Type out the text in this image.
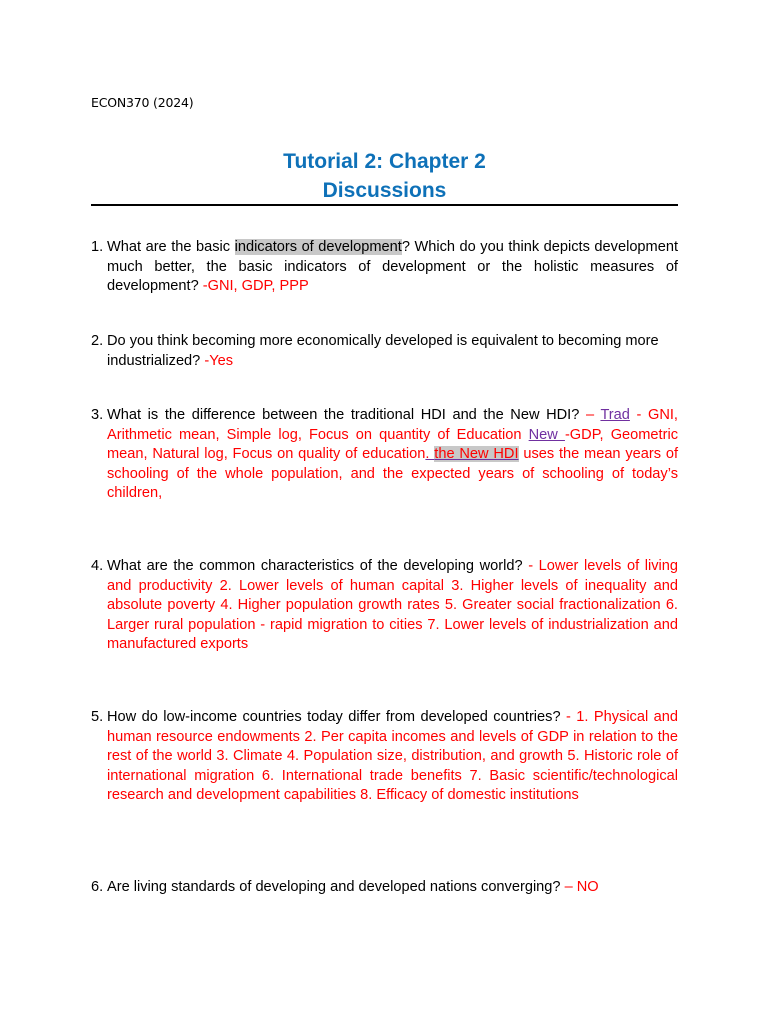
ECON370 (2024)
Tutorial 2: Chapter 2
Discussions
1. What are the basic indicators of development? Which do you think depicts development much better, the basic indicators of development or the holistic measures of development? -GNI, GDP, PPP
2. Do you think becoming more economically developed is equivalent to becoming more industrialized? -Yes
3. What is the difference between the traditional HDI and the New HDI? – Trad - GNI, Arithmetic mean, Simple log, Focus on quantity of Education New -GDP, Geometric mean, Natural log, Focus on quality of education. the New HDI uses the mean years of schooling of the whole population, and the expected years of schooling of today’s children,
4. What are the common characteristics of the developing world? - Lower levels of living and productivity 2. Lower levels of human capital 3. Higher levels of inequality and absolute poverty 4. Higher population growth rates 5. Greater social fractionalization 6. Larger rural population - rapid migration to cities 7. Lower levels of industrialization and manufactured exports
5. How do low-income countries today differ from developed countries? - 1. Physical and human resource endowments 2. Per capita incomes and levels of GDP in relation to the rest of the world 3. Climate 4. Population size, distribution, and growth 5. Historic role of international migration 6. International trade benefits 7. Basic scientific/technological research and development capabilities 8. Efficacy of domestic institutions
6. Are living standards of developing and developed nations converging? – NO
